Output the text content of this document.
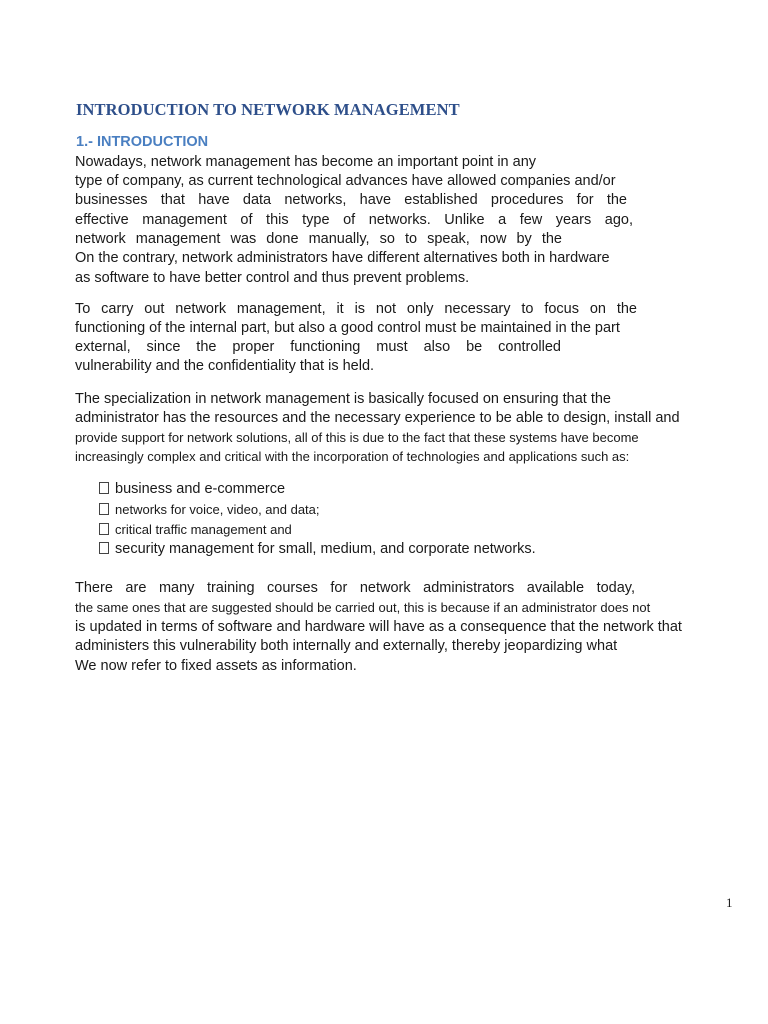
INTRODUCTION TO NETWORK MANAGEMENT
1.- INTRODUCTION

Nowadays, network management has become an important point in any

type of company, as current technological advances have allowed companies and/or

businesses that have data networks, have established procedures for the

effective management of this type of networks. Unlike a few years ago,

network management was done manually, so to speak, now by the

On the contrary, network administrators have different alternatives both in hardware

as software to have better control and thus prevent problems.

To carry out network management, it is not only necessary to focus on the

functioning of the internal part, but also a good control must be maintained in the part

external, since the proper functioning must also be controlled

vulnerability and the confidentiality that is held.

The specialization in network management is basically focused on ensuring that the

administrator has the resources and the necessary experience to be able to design, install and

provide support for network solutions, all of this is due to the fact that these systems have become

increasingly complex and critical with the incorporation of technologies and applications such as:

business and e-commerce

networks for voice, video, and data;

critical traffic management and

security management for small, medium, and corporate networks.

There are many training courses for network administrators available today,

the same ones that are suggested should be carried out, this is because if an administrator does not

is updated in terms of software and hardware will have as a consequence that the network that

administers this vulnerability both internally and externally, thereby jeopardizing what

We now refer to fixed assets as information.

1
